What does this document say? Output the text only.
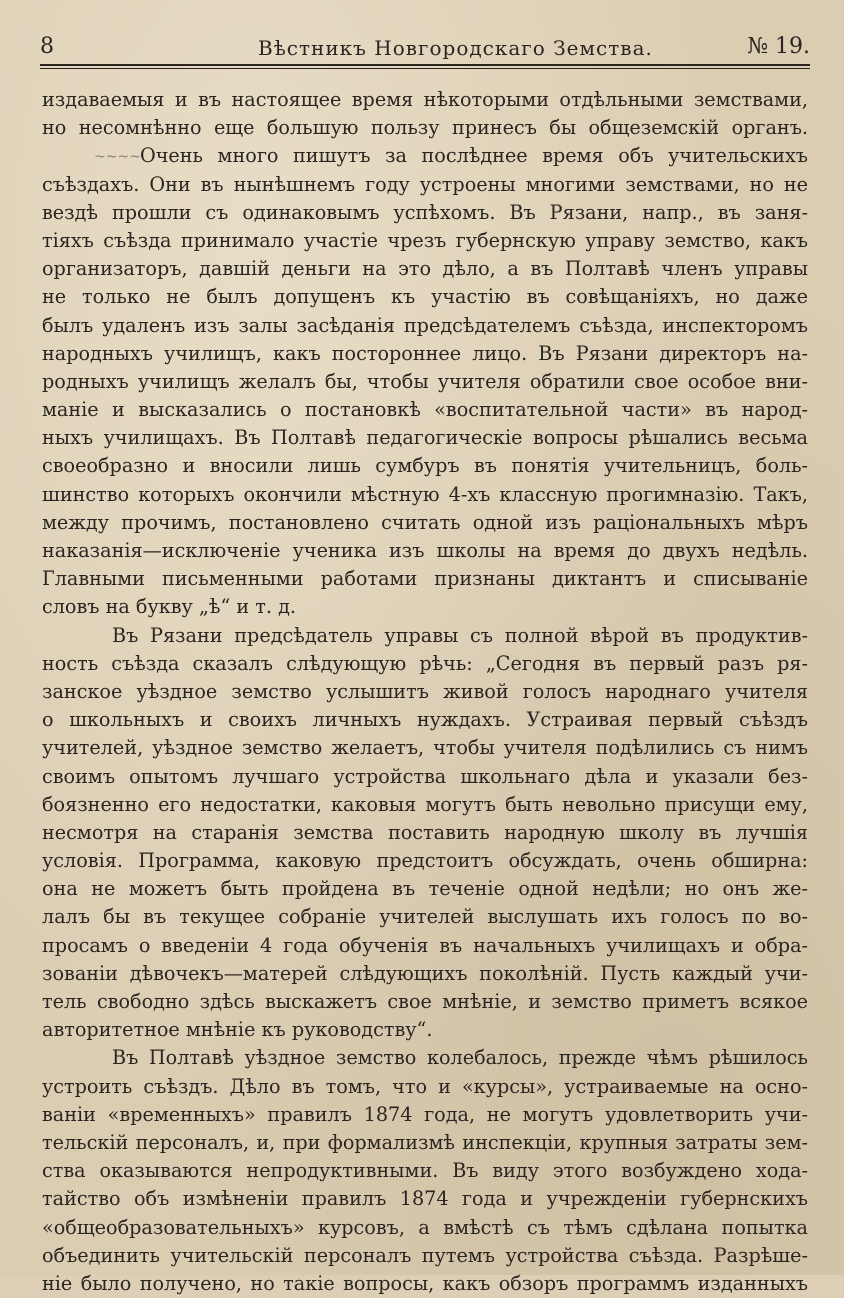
8	Вѣстникъ Новгородскаго Земства.	№ 19.
издаваемыя и въ настоящее время нѣкоторыми отдѣльными земствами,
но несомнѣнно еще большую пользу принесъ бы общеземскій органъ.
~~~~Очень много пишутъ за послѣднее время объ учительскихъ
съѣздахъ. Они въ нынѣшнемъ году устроены многими земствами, но не
вездѣ прошли съ одинаковымъ успѣхомъ. Въ Рязани, напр., въ заня-
тіяхъ съѣзда принимало участіе чрезъ губернскую управу земство, какъ
организаторъ, давшій деньги на это дѣло, а въ Полтавѣ членъ управы
не только не былъ допущенъ къ участію въ совѣщаніяхъ, но даже
былъ удаленъ изъ залы засѣданія предсѣдателемъ съѣзда, инспекторомъ
народныхъ училищъ, какъ постороннее лицо. Въ Рязани директоръ на-
родныхъ училищъ желалъ бы, чтобы учителя обратили свое особое вни-
маніе и высказались о постановкѣ «воспитательной части» въ народ-
ныхъ училищахъ. Въ Полтавѣ педагогическіе вопросы рѣшались весьма
своеобразно и вносили лишь сумбуръ въ понятія учительницъ, боль-
шинство которыхъ окончили мѣстную 4-хъ классную прогимназію. Такъ,
между прочимъ, постановлено считать одной изъ раціональныхъ мѣръ
наказанія—исключеніе ученика изъ школы на время до двухъ недѣль.
Главными письменными работами признаны диктантъ и списываніе
словъ на букву „ѣ“ и т. д.
Въ Рязани предсѣдатель управы съ полной вѣрой въ продуктив-
ность съѣзда сказалъ слѣдующую рѣчь: „Сегодня въ первый разъ ря-
занское уѣздное земство услышитъ живой голосъ народнаго учителя
о школьныхъ и своихъ личныхъ нуждахъ. Устраивая первый съѣздъ
учителей, уѣздное земство желаетъ, чтобы учителя подѣлились съ нимъ
своимъ опытомъ лучшаго устройства школьнаго дѣла и указали без-
боязненно его недостатки, каковыя могутъ быть невольно присущи ему,
несмотря на старанія земства поставить народную школу въ лучшія
условія. Программа, каковую предстоитъ обсуждать, очень обширна:
она не можетъ быть пройдена въ теченіе одной недѣли; но онъ же-
лалъ бы въ текущее собраніе учителей выслушать ихъ голосъ по во-
просамъ о введеніи 4 года обученія въ начальныхъ училищахъ и обра-
зованіи дѣвочекъ—матерей слѣдующихъ поколѣній. Пусть каждый учи-
тель свободно здѣсь выскажетъ свое мнѣніе, и земство приметъ всякое
авторитетное мнѣніе къ руководству“.
Въ Полтавѣ уѣздное земство колебалось, прежде чѣмъ рѣшилось
устроить съѣздъ. Дѣло въ томъ, что и «курсы», устраиваемые на осно-
ваніи «временныхъ» правилъ 1874 года, не могутъ удовлетворить учи-
тельскій персоналъ, и, при формализмѣ инспекціи, крупныя затраты зем-
ства оказываются непродуктивными. Въ виду этого возбуждено хода-
тайство объ измѣненіи правилъ 1874 года и учрежденіи губернскихъ
«общеобразовательныхъ» курсовъ, а вмѣстѣ съ тѣмъ сдѣлана попытка
объединить учительскій персоналъ путемъ устройства съѣзда. Разрѣше-
ніе было получено, но такіе вопросы, какъ обзоръ программъ изданныхъ
